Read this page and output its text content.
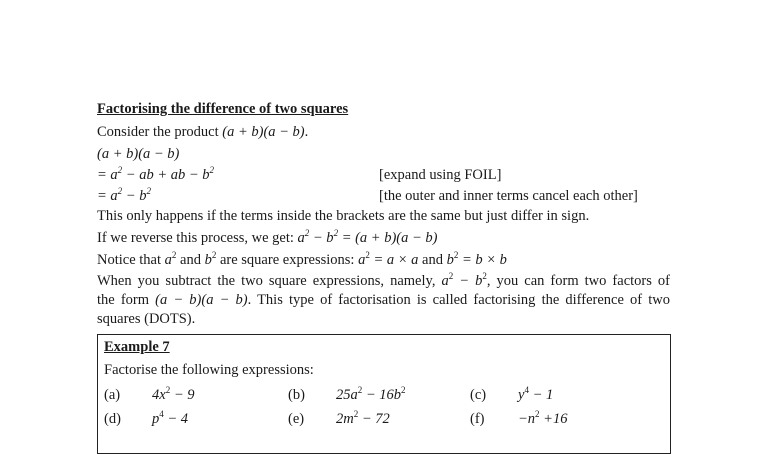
Factorising the difference of two squares
Consider the product (a + b)(a − b).
(a + b)(a − b)
= $a^2$ − ab + ab − $b^2$	[expand using FOIL]
= $a^2 - b^2$	[the outer and inner terms cancel each other]
This only happens if the terms inside the brackets are the same but just differ in sign.
If we reverse this process, we get: $a^2 - b^2 = (a + b)(a - b)$
Notice that $a^2$ and $b^2$ are square expressions: $a^2 = a \times a$ and $b^2 = b \times b$
When you subtract the two square expressions, namely, $a^2 - b^2$, you can form two factors of
the form (a − b)(a − b). This type of factorisation is called factorising the difference of two
squares (DOTS).
Example 7
Factorise the following expressions:
(a) $4x^2 - 9$	(b) $25a^2 - 16b^2$	(c) $y^4 - 1$
(d) $p^4 - 4$	(e) $2m^2 - 72$	$(f) -n^2 +16$
